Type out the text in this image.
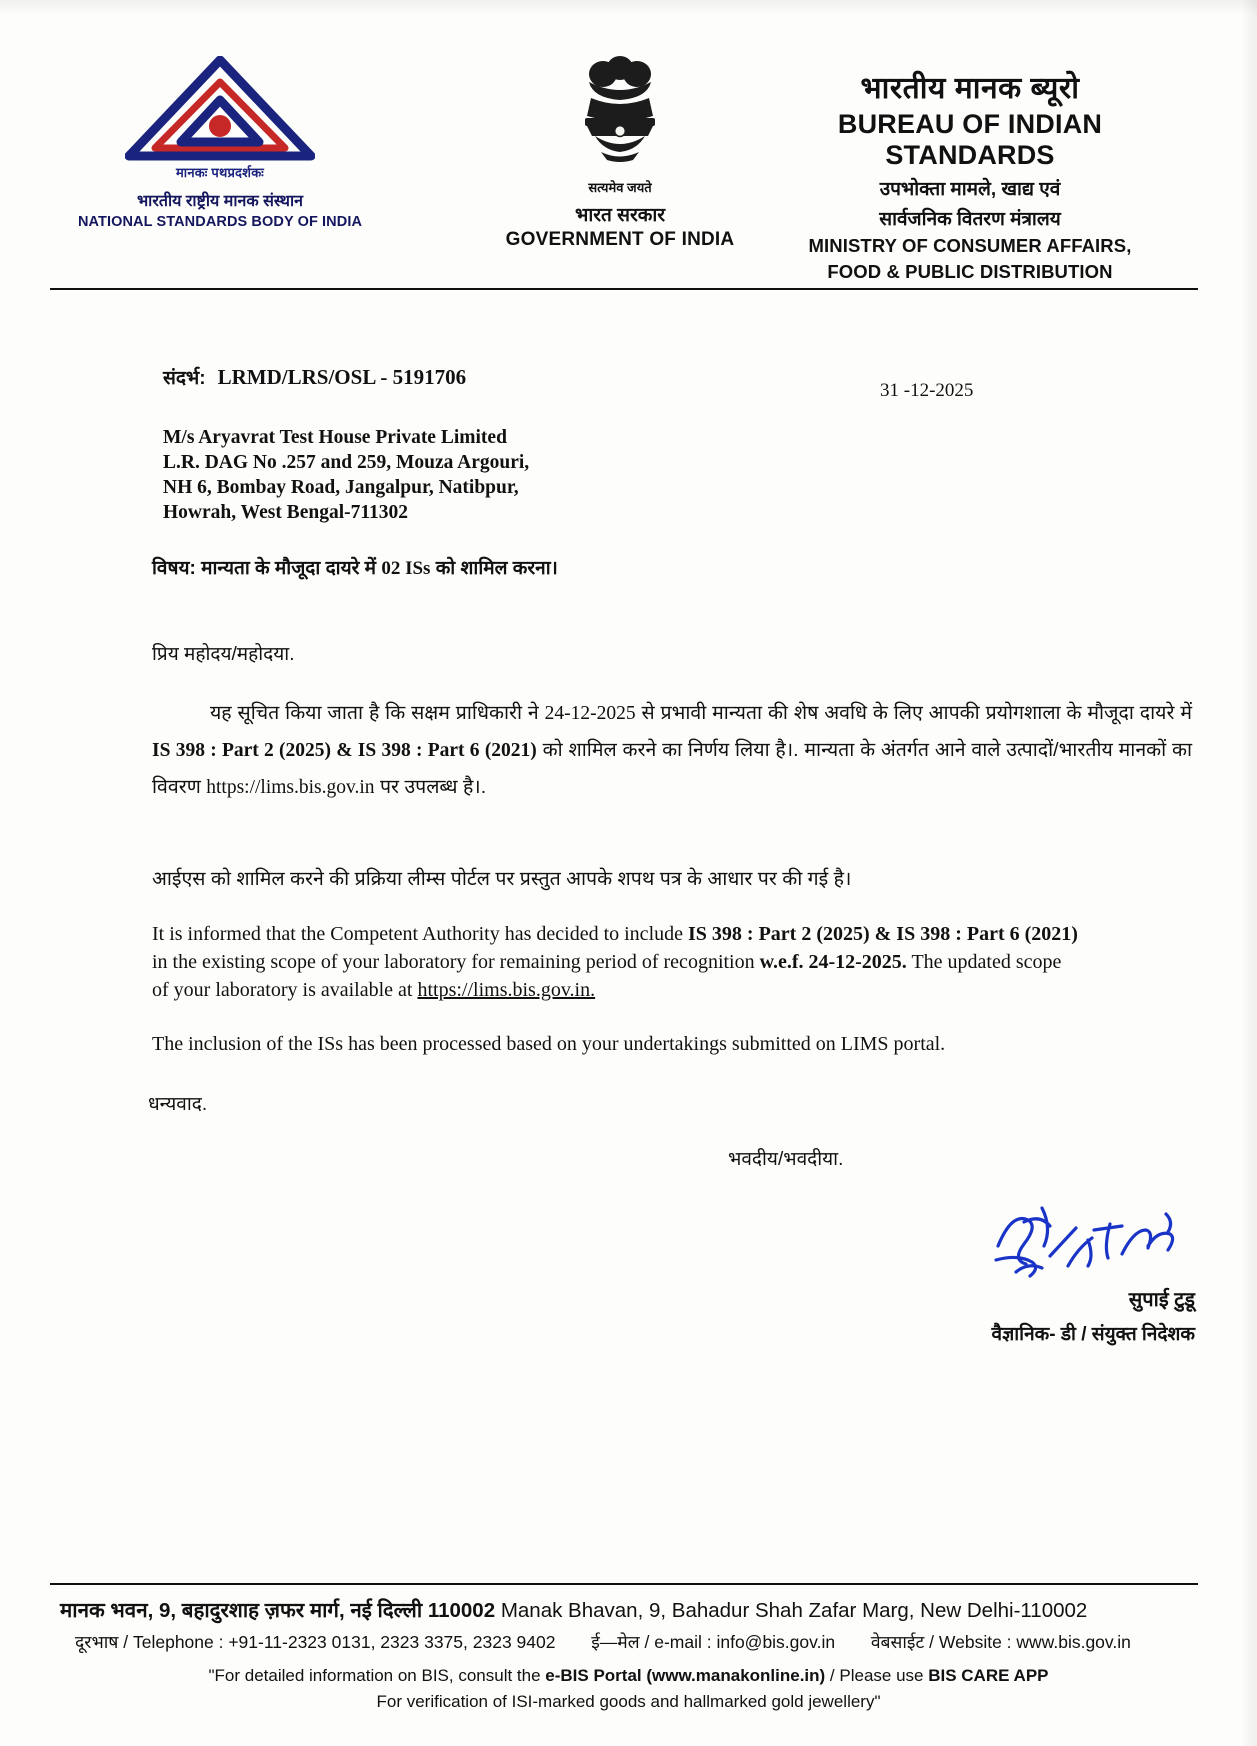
मानकः पथप्रदर्शकः
भारतीय राष्ट्रीय मानक संस्थान
NATIONAL STANDARDS BODY OF INDIA
सत्यमेव जयते
भारत सरकार
GOVERNMENT OF INDIA
भारतीय मानक ब्यूरो
BUREAU OF INDIAN STANDARDS
उपभोक्ता मामले, खाद्य एवं
सार्वजनिक वितरण मंत्रालय
MINISTRY OF CONSUMER AFFAIRS,
FOOD & PUBLIC DISTRIBUTION
संदर्भ: LRMD/LRS/OSL - 5191706
31 -12-2025
M/s Aryavrat Test House Private Limited
L.R. DAG No .257 and 259, Mouza Argouri,
NH 6, Bombay Road, Jangalpur, Natibpur,
Howrah, West Bengal-711302
विषय: मान्यता के मौजूदा दायरे में 02 ISs को शामिल करना।
प्रिय महोदय/महोदया.
यह सूचित किया जाता है कि सक्षम प्राधिकारी ने 24-12-2025 से प्रभावी मान्यता की शेष अवधि के लिए आपकी प्रयोगशाला के मौजूदा दायरे में IS 398 : Part 2 (2025) & IS 398 : Part 6 (2021) को शामिल करने का निर्णय लिया है।. मान्यता के अंतर्गत आने वाले उत्पादों/भारतीय मानकों का विवरण https://lims.bis.gov.in पर उपलब्ध है।.
आईएस को शामिल करने की प्रक्रिया लीम्स पोर्टल पर प्रस्तुत आपके शपथ पत्र के आधार पर की गई है।
It is informed that the Competent Authority has decided to include IS 398 : Part 2 (2025) & IS 398 : Part 6 (2021) in the existing scope of your laboratory for remaining period of recognition w.e.f. 24-12-2025. The updated scope of your laboratory is available at https://lims.bis.gov.in.
The inclusion of the ISs has been processed based on your undertakings submitted on LIMS portal.
धन्यवाद.
भवदीय/भवदीया.
सुपाई टुडू
वैज्ञानिक- डी / संयुक्त निदेशक
मानक भवन, 9, बहादुरशाह ज़फर मार्ग, नई दिल्ली 110002 Manak Bhavan, 9, Bahadur Shah Zafar Marg, New Delhi-110002
दूरभाष / Telephone : +91-11-2323 0131, 2323 3375, 2323 9402 ई—मेल / e-mail : info@bis.gov.in वेबसाईट / Website : www.bis.gov.in
"For detailed information on BIS, consult the e-BIS Portal (www.manakonline.in) / Please use BIS CARE APP
For verification of ISI-marked goods and hallmarked gold jewellery"
